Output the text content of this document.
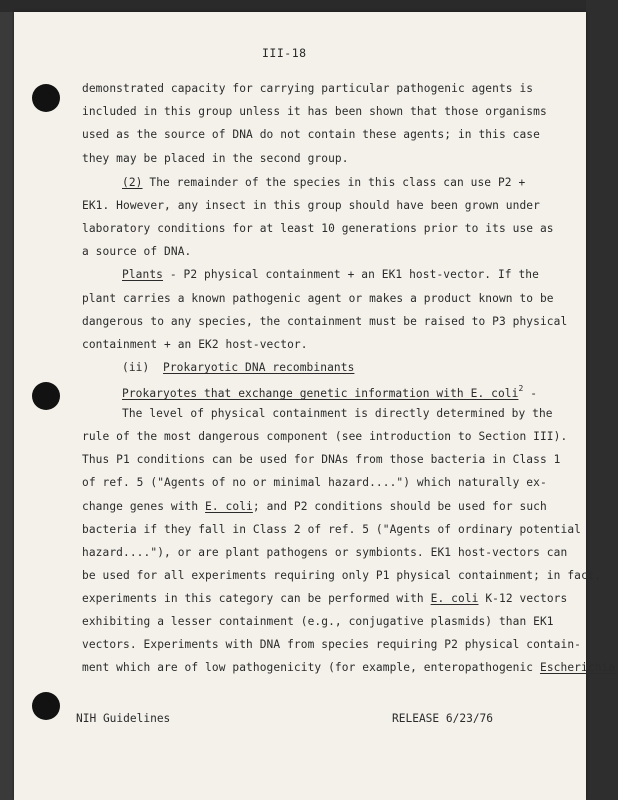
III-18
demonstrated capacity for carrying particular pathogenic agents is
included in this group unless it has been shown that those organisms
used as the source of DNA do not contain these agents; in this case
they may be placed in the second group.
(2) The remainder of the species in this class can use P2 +
EK1. However, any insect in this group should have been grown under
laboratory conditions for at least 10 generations prior to its use as
a source of DNA.
Plants - P2 physical containment + an EK1 host-vector. If the
plant carries a known pathogenic agent or makes a product known to be
dangerous to any species, the containment must be raised to P3 physical
containment + an EK2 host-vector.
(ii) Prokaryotic DNA recombinants
Prokaryotes that exchange genetic information with E. coli$^2$ -
The level of physical containment is directly determined by the
rule of the most dangerous component (see introduction to Section III).
Thus P1 conditions can be used for DNAs from those bacteria in Class 1
of ref. 5 ("Agents of no or minimal hazard....") which naturally ex-
change genes with E. coli; and P2 conditions should be used for such
bacteria if they fall in Class 2 of ref. 5 ("Agents of ordinary potential
hazard...."), or are plant pathogens or symbionts. EK1 host-vectors can
be used for all experiments requiring only P1 physical containment; in fact,
experiments in this category can be performed with E. coli K-12 vectors
exhibiting a lesser containment (e.g., conjugative plasmids) than EK1
vectors. Experiments with DNA from species requiring P2 physical contain-
ment which are of low pathogenicity (for example, enteropathogenic Escherichia
NIH Guidelines	RELEASE 6/23/76
